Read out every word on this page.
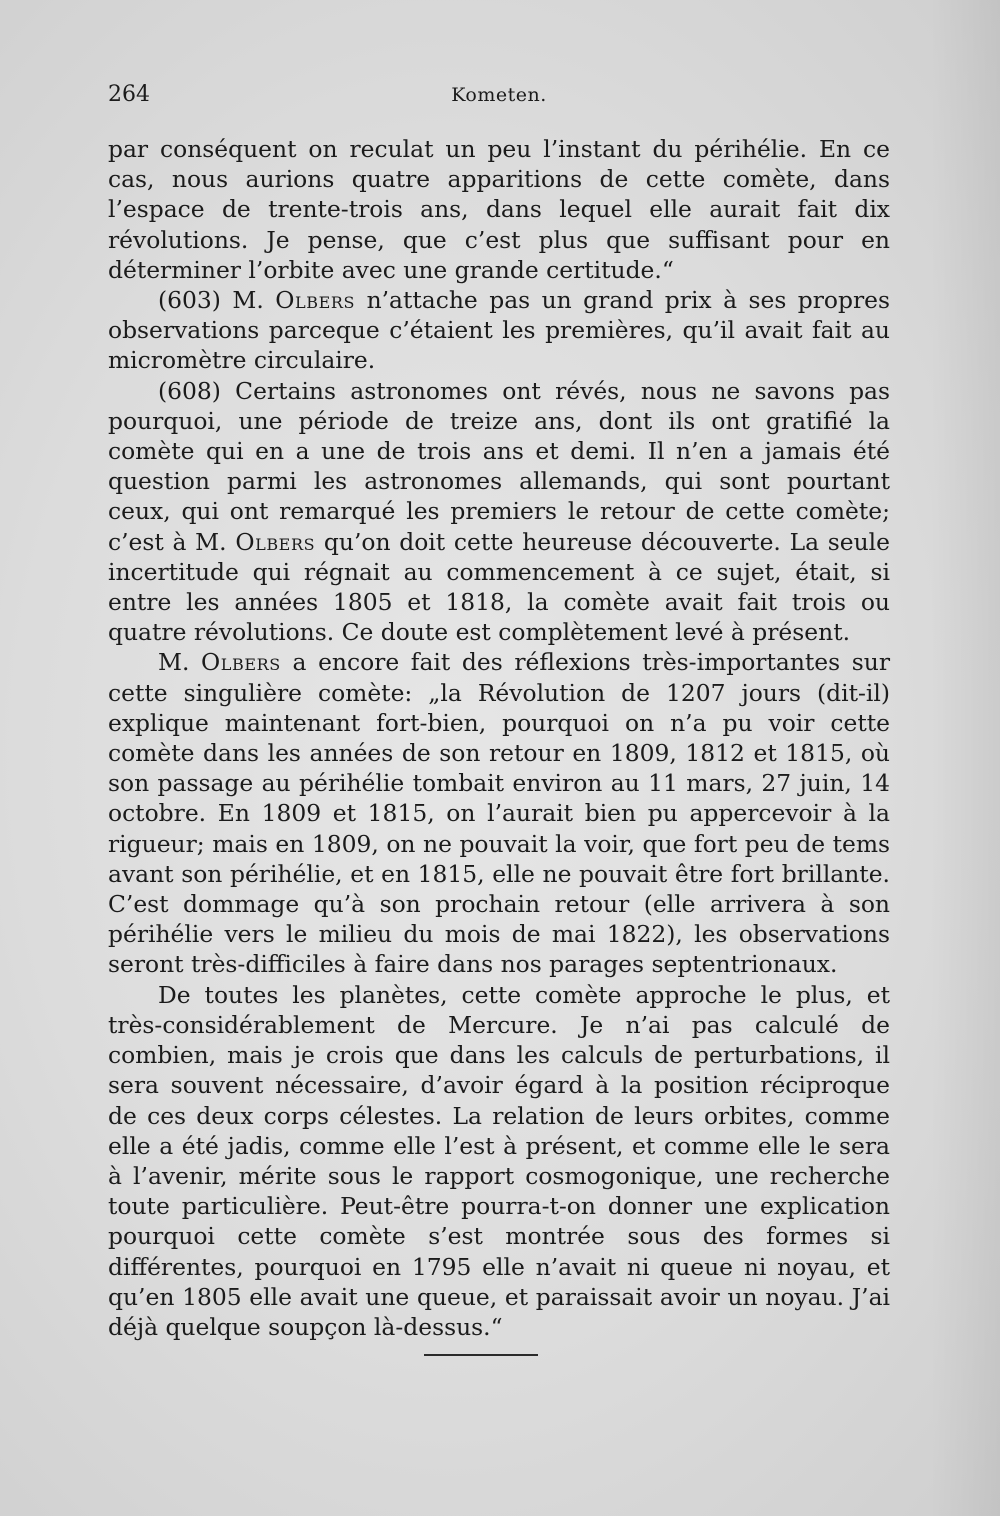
264	Kometen.

par conséquent on reculat un peu l’instant du périhélie. En ce cas, nous aurions quatre apparitions de cette comète, dans l’espace de trente-trois ans, dans lequel elle aurait fait dix révolutions. Je pense, que c’est plus que suffisant pour en déterminer l’orbite avec une grande certitude.“

(603) M. Olbers n’attache pas un grand prix à ses propres observations parceque c’étaient les premières, qu’il avait fait au micromètre circulaire.

(608) Certains astronomes ont révés, nous ne savons pas pourquoi, une période de treize ans, dont ils ont gratifié la comète qui en a une de trois ans et demi. Il n’en a jamais été question parmi les astronomes allemands, qui sont pourtant ceux, qui ont remarqué les premiers le retour de cette comète; c’est à M. Olbers qu’on doit cette heureuse découverte. La seule incertitude qui régnait au commencement à ce sujet, était, si entre les années 1805 et 1818, la comète avait fait trois ou quatre révolutions. Ce doute est complètement levé à présent.

M. Olbers a encore fait des réflexions très-importantes sur cette singulière comète: „la Révolution de 1207 jours (dit-il) explique maintenant fort-bien, pourquoi on n’a pu voir cette comète dans les années de son retour en 1809, 1812 et 1815, où son passage au périhélie tombait environ au 11 mars, 27 juin, 14 octobre. En 1809 et 1815, on l’aurait bien pu appercevoir à la rigueur; mais en 1809, on ne pouvait la voir, que fort peu de tems avant son périhélie, et en 1815, elle ne pouvait être fort brillante. C’est dommage qu’à son prochain retour (elle arrivera à son périhélie vers le milieu du mois de mai 1822), les observations seront très-difficiles à faire dans nos parages septentrionaux.

De toutes les planètes, cette comète approche le plus, et très-considérablement de Mercure. Je n’ai pas calculé de combien, mais je crois que dans les calculs de perturbations, il sera souvent nécessaire, d’avoir égard à la position réciproque de ces deux corps célestes. La relation de leurs orbites, comme elle a été jadis, comme elle l’est à présent, et comme elle le sera à l’avenir, mérite sous le rapport cosmogonique, une recherche toute particulière. Peut-être pourra-t-on donner une explication pourquoi cette comète s’est montrée sous des formes si différentes, pourquoi en 1795 elle n’avait ni queue ni noyau, et qu’en 1805 elle avait une queue, et paraissait avoir un noyau. J’ai déjà quelque soupçon là-dessus.“
